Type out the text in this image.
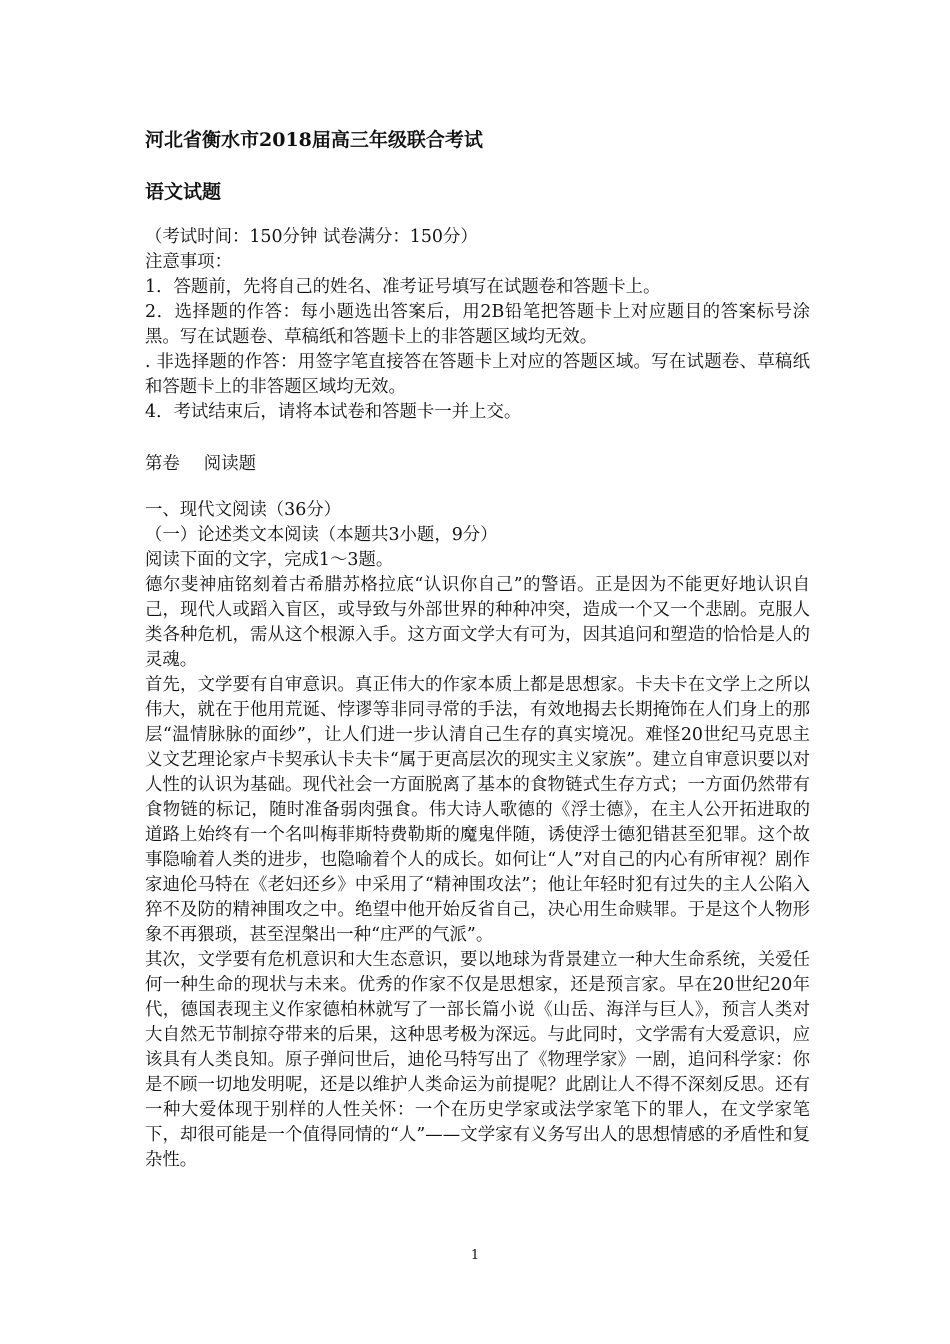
河北省衡水市2018届高三年级联合考试
语文试题

（考试时间：150分钟 试卷满分：150分）

注意事项：

1．答题前，先将自己的姓名、准考证号填写在试题卷和答题卡上。

2．选择题的作答：每小题选出答案后，用2B铅笔把答题卡上对应题目的答案标号涂黑。写在试题卷、草稿纸和答题卡上的非答题区域均无效。

. 非选择题的作答：用签字笔直接答在答题卡上对应的答题区域。写在试题卷、草稿纸和答题卡上的非答题区域均无效。

4．考试结束后，请将本试卷和答题卡一并上交。

第卷 阅读题

一、现代文阅读（36分）

（一）论述类文本阅读（本题共3小题，9分）

阅读下面的文字，完成1～3题。

德尔斐神庙铭刻着古希腊苏格拉底“认识你自己”的警语。正是因为不能更好地认识自己，现代人或蹈入盲区，或导致与外部世界的种种冲突，造成一个又一个悲剧。克服人类各种危机，需从这个根源入手。这方面文学大有可为，因其追问和塑造的恰恰是人的灵魂。

首先，文学要有自审意识。真正伟大的作家本质上都是思想家。卡夫卡在文学上之所以伟大，就在于他用荒诞、悖谬等非同寻常的手法，有效地揭去长期掩饰在人们身上的那层“温情脉脉的面纱”，让人们进一步认清自己生存的真实境况。难怪20世纪马克思主义文艺理论家卢卡契承认卡夫卡“属于更高层次的现实主义家族”。建立自审意识要以对人性的认识为基础。现代社会一方面脱离了基本的食物链式生存方式；一方面仍然带有食物链的标记，随时准备弱肉强食。伟大诗人歌德的《浮士德》，在主人公开拓进取的道路上始终有一个名叫梅菲斯特费勒斯的魔鬼伴随，诱使浮士德犯错甚至犯罪。这个故事隐喻着人类的进步，也隐喻着个人的成长。如何让“人”对自己的内心有所审视？剧作家迪伦马特在《老妇还乡》中采用了“精神围攻法”；他让年轻时犯有过失的主人公陷入猝不及防的精神围攻之中。绝望中他开始反省自己，决心用生命赎罪。于是这个人物形象不再猥琐，甚至涅槃出一种“庄严的气派”。

其次，文学要有危机意识和大生态意识，要以地球为背景建立一种大生命系统，关爱任何一种生命的现状与未来。优秀的作家不仅是思想家，还是预言家。早在20世纪20年代，德国表现主义作家德柏林就写了一部长篇小说《山岳、海洋与巨人》，预言人类对大自然无节制掠夺带来的后果，这种思考极为深远。与此同时，文学需有大爱意识，应该具有人类良知。原子弹问世后，迪伦马特写出了《物理学家》一剧，追问科学家：你是不顾一切地发明呢，还是以维护人类命运为前提呢？此剧让人不得不深刻反思。还有一种大爱体现于别样的人性关怀：一个在历史学家或法学家笔下的罪人，在文学家笔下，却很可能是一个值得同情的“人”——文学家有义务写出人的思想情感的矛盾性和复杂性。

1
